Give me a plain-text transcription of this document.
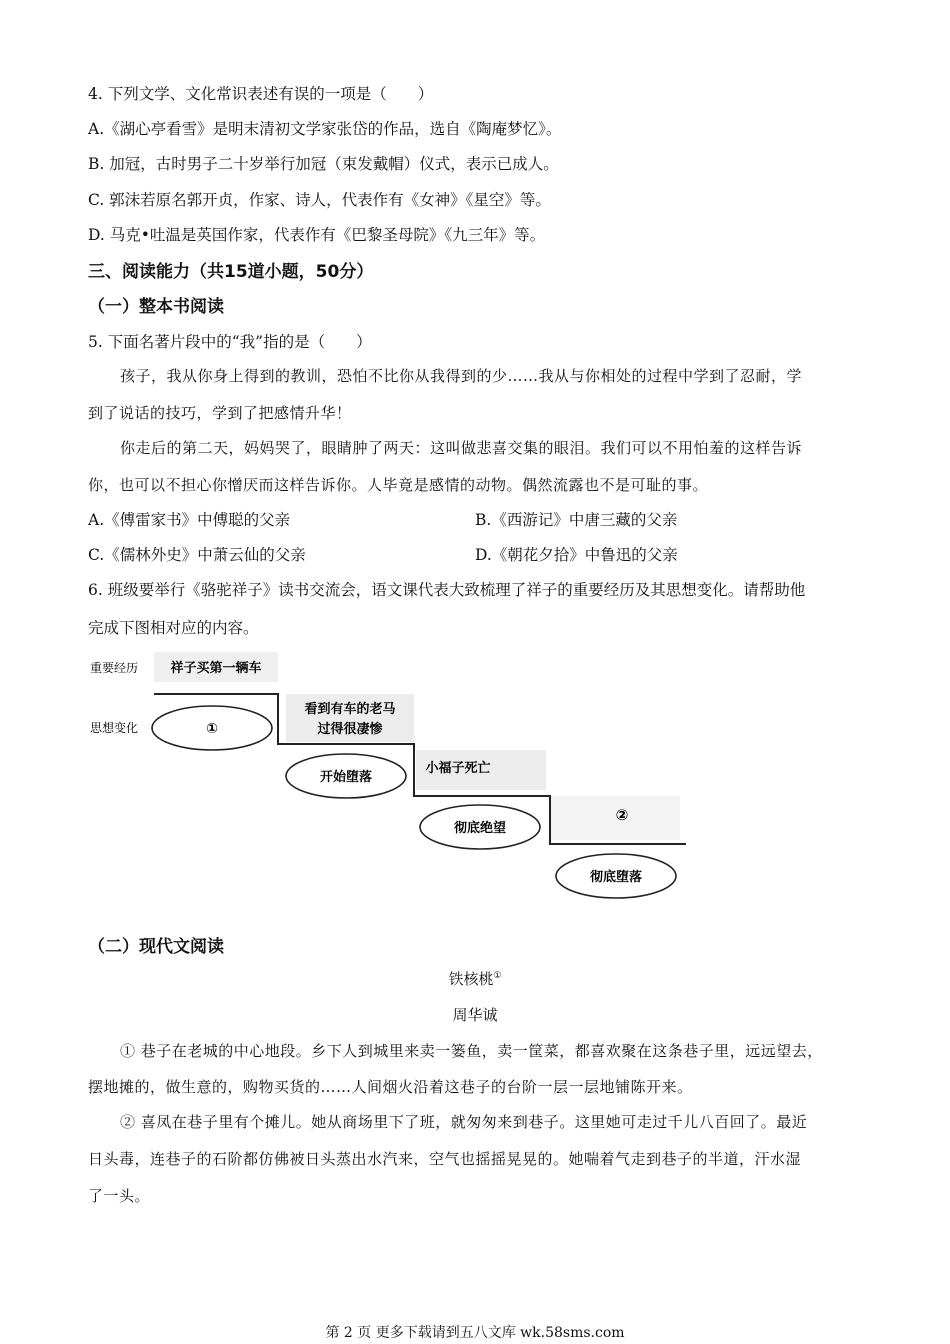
4. 下列文学、文化常识表述有误的一项是（　　）
A.《湖心亭看雪》是明末清初文学家张岱的作品，选自《陶庵梦忆》。
B. 加冠，古时男子二十岁举行加冠（束发戴帽）仪式，表示已成人。
C. 郭沫若原名郭开贞，作家、诗人，代表作有《女神》《星空》等。
D. 马克•吐温是英国作家，代表作有《巴黎圣母院》《九三年》等。
三、阅读能力（共15道小题，50分）
（一）整本书阅读
5. 下面名著片段中的“我”指的是（　　）
孩子，我从你身上得到的教训，恐怕不比你从我得到的少……我从与你相处的过程中学到了忍耐，学
到了说话的技巧，学到了把感情升华！
你走后的第二天，妈妈哭了，眼睛肿了两天：这叫做悲喜交集的眼泪。我们可以不用怕羞的这样告诉
你，也可以不担心你憎厌而这样告诉你。人毕竟是感情的动物。偶然流露也不是可耻的事。
A.《傅雷家书》中傅聪的父亲	B.《西游记》中唐三藏的父亲
C.《儒林外史》中萧云仙的父亲	D.《朝花夕拾》中鲁迅的父亲
6. 班级要举行《骆驼祥子》读书交流会，语文课代表大致梳理了祥子的重要经历及其思想变化。请帮助他
完成下图相对应的内容。
重要经历
思想变化
祥子买第一辆车
看到有车的老马
过得很凄惨
小福子死亡
②
①
开始堕落
彻底绝望
彻底堕落
（二）现代文阅读
铁核桃①
周华诚
① 巷子在老城的中心地段。乡下人到城里来卖一篓鱼，卖一筐菜，都喜欢聚在这条巷子里，远远望去，
摆地摊的，做生意的，购物买货的……人间烟火沿着这巷子的台阶一层一层地铺陈开来。
② 喜凤在巷子里有个摊儿。她从商场里下了班，就匆匆来到巷子。这里她可走过千儿八百回了。最近
日头毒，连巷子的石阶都仿佛被日头蒸出水汽来，空气也摇摇晃晃的。她喘着气走到巷子的半道，汗水湿
了一头。
第 2 页 更多下载请到五八文库 wk.58sms.com
